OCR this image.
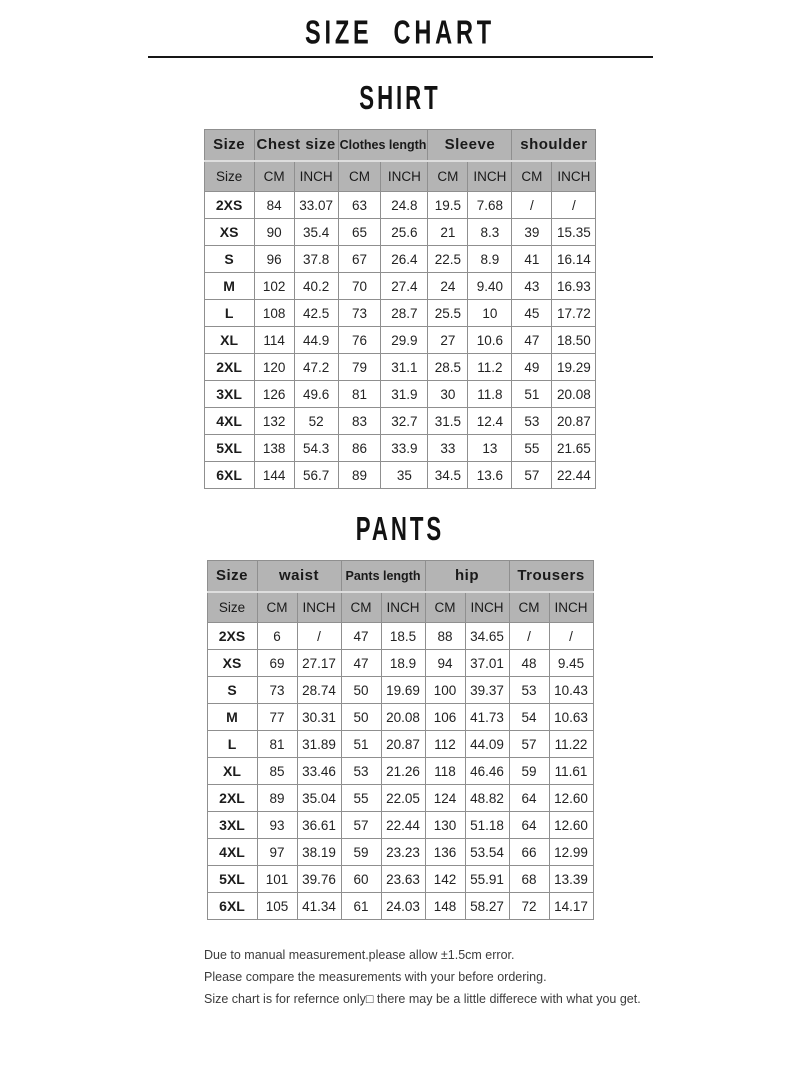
SIZE CHART
SHIRT
Size	Chest size		Clothes length		Sleeve		shoulder	
Size	CM	INCH	CM	INCH	CM	INCH	CM	INCH
2XS	84	33.07	63	24.8	19.5	7.68	/	/
XS	90	35.4	65	25.6	21	8.3	39	15.35
S	96	37.8	67	26.4	22.5	8.9	41	16.14
M	102	40.2	70	27.4	24	9.40	43	16.93
L	108	42.5	73	28.7	25.5	10	45	17.72
XL	114	44.9	76	29.9	27	10.6	47	18.50
2XL	120	47.2	79	31.1	28.5	11.2	49	19.29
3XL	126	49.6	81	31.9	30	11.8	51	20.08
4XL	132	52	83	32.7	31.5	12.4	53	20.87
5XL	138	54.3	86	33.9	33	13	55	21.65
6XL	144	56.7	89	35	34.5	13.6	57	22.44
PANTS
Size	waist		Pants length		hip		Trousers	
Size	CM	INCH	CM	INCH	CM	INCH	CM	INCH
2XS	6	/	47	18.5	88	34.65	/	/
XS	69	27.17	47	18.9	94	37.01	48	9.45
S	73	28.74	50	19.69	100	39.37	53	10.43
M	77	30.31	50	20.08	106	41.73	54	10.63
L	81	31.89	51	20.87	112	44.09	57	11.22
XL	85	33.46	53	21.26	118	46.46	59	11.61
2XL	89	35.04	55	22.05	124	48.82	64	12.60
3XL	93	36.61	57	22.44	130	51.18	64	12.60
4XL	97	38.19	59	23.23	136	53.54	66	12.99
5XL	101	39.76	60	23.63	142	55.91	68	13.39
6XL	105	41.34	61	24.03	148	58.27	72	14.17

Due to manual measurement.please allow ±1.5cm error.

Please compare the measurements with your before ordering.

Size chart is for refernce only□ there may be a little differece with what you get.
